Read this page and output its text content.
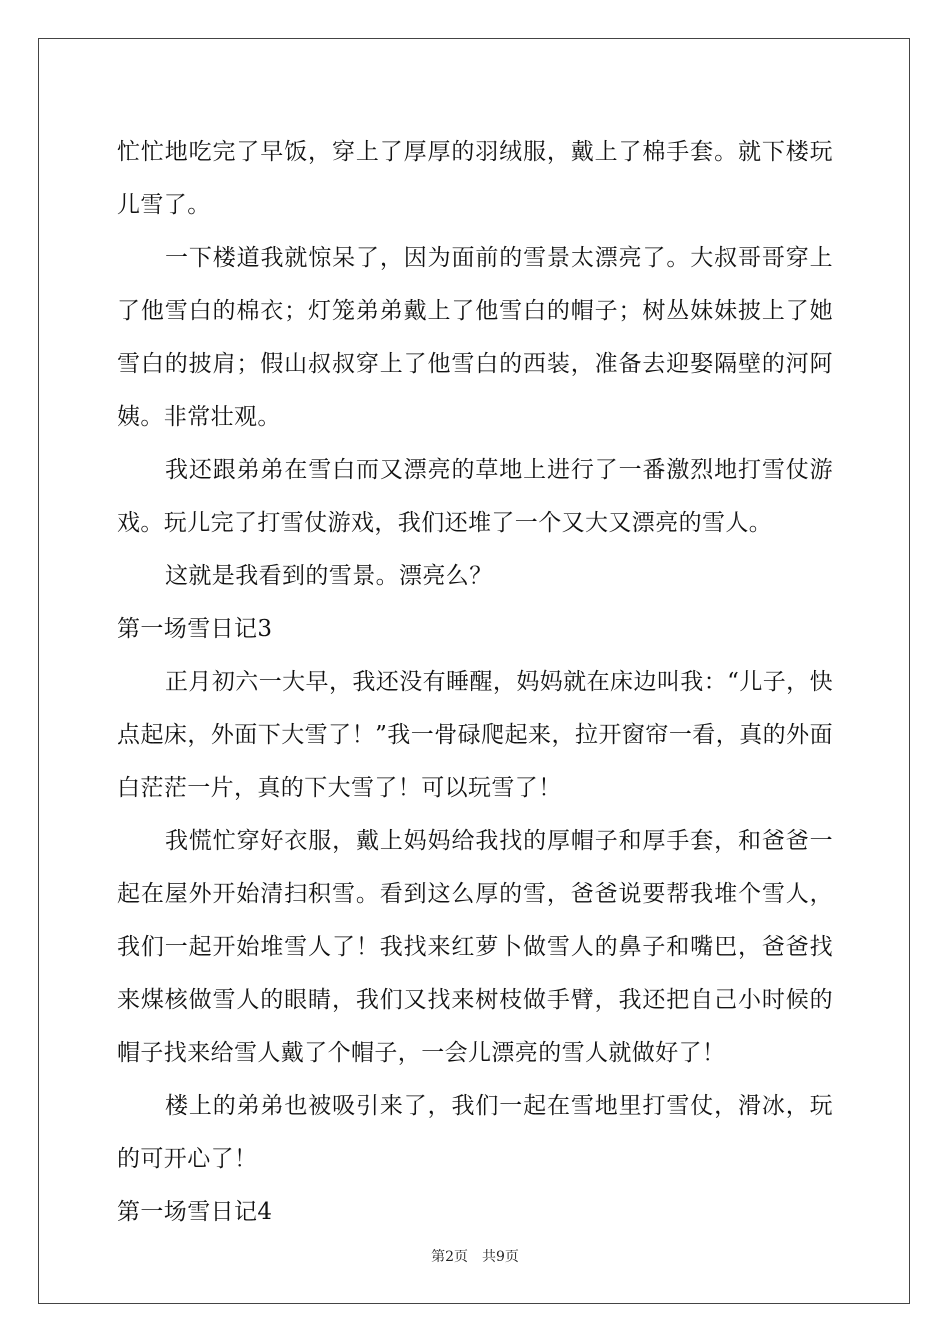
忙忙地吃完了早饭，穿上了厚厚的羽绒服，戴上了棉手套。就下楼玩儿雪了。

一下楼道我就惊呆了，因为面前的雪景太漂亮了。大叔哥哥穿上了他雪白的棉衣；灯笼弟弟戴上了他雪白的帽子；树丛妹妹披上了她雪白的披肩；假山叔叔穿上了他雪白的西装，准备去迎娶隔壁的河阿姨。非常壮观。

我还跟弟弟在雪白而又漂亮的草地上进行了一番激烈地打雪仗游戏。玩儿完了打雪仗游戏，我们还堆了一个又大又漂亮的雪人。

这就是我看到的雪景。漂亮么？

第一场雪日记3

正月初六一大早，我还没有睡醒，妈妈就在床边叫我：“儿子，快点起床，外面下大雪了！”我一骨碌爬起来，拉开窗帘一看，真的外面白茫茫一片，真的下大雪了！可以玩雪了！

我慌忙穿好衣服，戴上妈妈给我找的厚帽子和厚手套，和爸爸一起在屋外开始清扫积雪。看到这么厚的雪，爸爸说要帮我堆个雪人，我们一起开始堆雪人了！我找来红萝卜做雪人的鼻子和嘴巴，爸爸找来煤核做雪人的眼睛，我们又找来树枝做手臂，我还把自己小时候的帽子找来给雪人戴了个帽子，一会儿漂亮的雪人就做好了！

楼上的弟弟也被吸引来了，我们一起在雪地里打雪仗，滑冰，玩的可开心了！

第一场雪日记4

第2页　共9页
